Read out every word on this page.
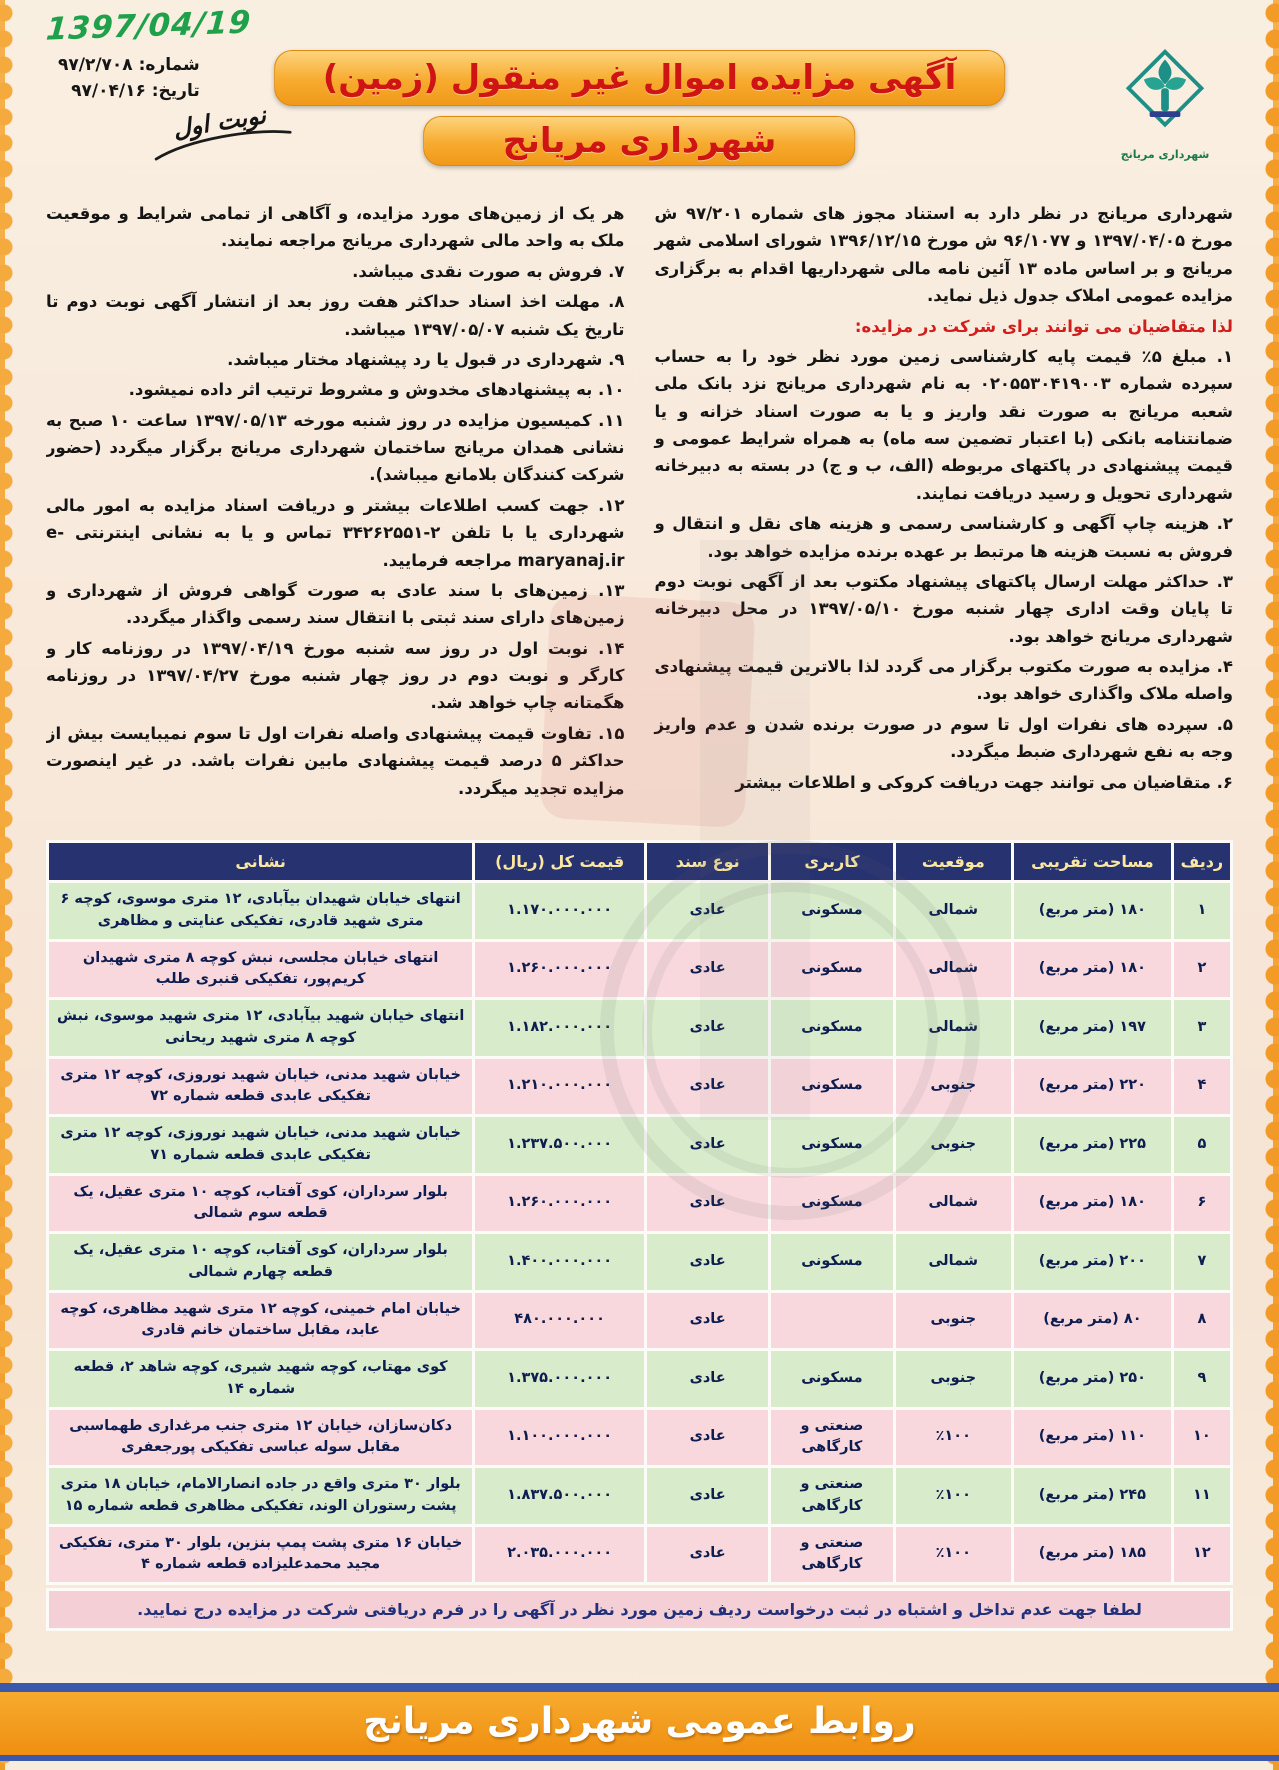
1397/04/19
شماره: ۹۷/۲/۷۰۸
تاریخ: ۹۷/۰۴/۱۶
نوبت اول
آگهی مزایده اموال غیر منقول (زمین)
شهرداری مریانج	شهرداری مریانج

شهرداری مریانج در نظر دارد به استناد مجوز های شماره ۹۷/۲۰۱ ش مورخ ۱۳۹۷/۰۴/۰۵ و ۹۶/۱۰۷۷ ش مورخ ۱۳۹۶/۱۲/۱۵ شورای اسلامی شهر مریانج و بر اساس ماده ۱۳ آئین نامه مالی شهرداریها اقدام به برگزاری مزایده عمومی املاک جدول ذیل نماید.

لذا متقاضیان می توانند برای شرکت در مزایده:

۱. مبلغ ۵٪ قیمت پایه کارشناسی زمین مورد نظر خود را به حساب سپرده شماره ۰۲۰۵۵۳۰۴۱۹۰۰۳ به نام شهرداری مریانج نزد بانک ملی شعبه مریانج به صورت نقد واریز و یا به صورت اسناد خزانه و یا ضمانتنامه بانکی (با اعتبار تضمین سه ماه) به همراه شرایط عمومی و قیمت پیشنهادی در پاکتهای مربوطه (الف، ب و ج) در بسته به دبیرخانه شهرداری تحویل و رسید دریافت نمایند.

۲. هزینه چاپ آگهی و کارشناسی رسمی و هزینه های نقل و انتقال و فروش به نسبت هزینه ها مرتبط بر عهده برنده مزایده خواهد بود.

۳. حداکثر مهلت ارسال پاکتهای پیشنهاد مکتوب بعد از آگهی نوبت دوم تا پایان وقت اداری چهار شنبه مورخ ۱۳۹۷/۰۵/۱۰ در محل دبیرخانه شهرداری مریانج خواهد بود.

۴. مزایده به صورت مکتوب برگزار می گردد لذا بالاترین قیمت پیشنهادی واصله ملاک واگذاری خواهد بود.

۵. سپرده های نفرات اول تا سوم در صورت برنده شدن و عدم واریز وجه به نفع شهرداری ضبط میگردد.

۶. متقاضیان می توانند جهت دریافت کروکی و اطلاعات بیشتر

هر یک از زمین‌های مورد مزایده، و آگاهی از تمامی شرایط و موقعیت ملک به واحد مالی شهرداری مریانج مراجعه نمایند.

۷. فروش به صورت نقدی میباشد.

۸. مهلت اخذ اسناد حداکثر هفت روز بعد از انتشار آگهی نوبت دوم تا تاریخ یک شنبه ۱۳۹۷/۰۵/۰۷ میباشد.

۹. شهرداری در قبول یا رد پیشنهاد مختار میباشد.

۱۰. به پیشنهادهای مخدوش و مشروط ترتیب اثر داده نمیشود.

۱۱. کمیسیون مزایده در روز شنبه مورخه ۱۳۹۷/۰۵/۱۳ ساعت ۱۰ صبح به نشانی همدان مریانج ساختمان شهرداری مریانج برگزار میگردد (حضور شرکت کنندگان بلامانع میباشد).

۱۲. جهت کسب اطلاعات بیشتر و دریافت اسناد مزایده به امور مالی شهرداری یا با تلفن ۲-۳۴۲۶۲۵۵۱ تماس و یا به نشانی اینترنتی e-maryanaj.ir مراجعه فرمایید.

۱۳. زمین‌های با سند عادی به صورت گواهی فروش از شهرداری و زمین‌های دارای سند ثبتی با انتقال سند رسمی واگذار میگردد.

۱۴. نوبت اول در روز سه شنبه مورخ ۱۳۹۷/۰۴/۱۹ در روزنامه کار و کارگر و نوبت دوم در روز چهار شنبه مورخ ۱۳۹۷/۰۴/۲۷ در روزنامه هگمتانه چاپ خواهد شد.

۱۵. تفاوت قیمت پیشنهادی واصله نفرات اول تا سوم نمیبایست بیش از حداکثر ۵ درصد قیمت پیشنهادی مابین نفرات باشد. در غیر اینصورت مزایده تجدید میگردد.

ردیف	مساحت تقریبی	موقعیت	کاربری	نوع سند	قیمت کل (ریال)	نشانی
۱	۱۸۰ (متر مربع)	شمالی	مسکونی	عادی	۱.۱۷۰.۰۰۰.۰۰۰	انتهای خیابان شهیدان بیآبادی، ۱۲ متری موسوی، کوچه ۶ متری شهید قادری، تفکیکی عنایتی و مظاهری
۲	۱۸۰ (متر مربع)	شمالی	مسکونی	عادی	۱.۲۶۰.۰۰۰.۰۰۰	انتهای خیابان مجلسی، نبش کوچه ۸ متری شهیدان کریم‌پور، تفکیکی قنبری طلب
۳	۱۹۷ (متر مربع)	شمالی	مسکونی	عادی	۱.۱۸۲.۰۰۰.۰۰۰	انتهای خیابان شهید بیآبادی، ۱۲ متری شهید موسوی، نبش کوچه ۸ متری شهید ریحانی
۴	۲۲۰ (متر مربع)	جنوبی	مسکونی	عادی	۱.۲۱۰.۰۰۰.۰۰۰	خیابان شهید مدنی، خیابان شهید نوروزی، کوچه ۱۲ متری تفکیکی عابدی قطعه شماره ۷۲
۵	۲۲۵ (متر مربع)	جنوبی	مسکونی	عادی	۱.۲۳۷.۵۰۰.۰۰۰	خیابان شهید مدنی، خیابان شهید نوروزی، کوچه ۱۲ متری تفکیکی عابدی قطعه شماره ۷۱
۶	۱۸۰ (متر مربع)	شمالی	مسکونی	عادی	۱.۲۶۰.۰۰۰.۰۰۰	بلوار سرداران، کوی آفتاب، کوچه ۱۰ متری عقیل، یک قطعه سوم شمالی
۷	۲۰۰ (متر مربع)	شمالی	مسکونی	عادی	۱.۴۰۰.۰۰۰.۰۰۰	بلوار سرداران، کوی آفتاب، کوچه ۱۰ متری عقیل، یک قطعه چهارم شمالی
۸	۸۰ (متر مربع)	جنوبی		عادی	۴۸۰.۰۰۰.۰۰۰	خیابان امام خمینی، کوچه ۱۲ متری شهید مظاهری، کوچه عابد، مقابل ساختمان خانم قادری
۹	۲۵۰ (متر مربع)	جنوبی	مسکونی	عادی	۱.۳۷۵.۰۰۰.۰۰۰	کوی مهتاب، کوچه شهید شیری، کوچه شاهد ۲، قطعه شماره ۱۴
۱۰	۱۱۰ (متر مربع)	٪۱۰۰	صنعتی و کارگاهی	عادی	۱.۱۰۰.۰۰۰.۰۰۰	دکان‌سازان، خیابان ۱۲ متری جنب مرغداری طهماسبی مقابل سوله عباسی تفکیکی پورجعفری
۱۱	۲۴۵ (متر مربع)	٪۱۰۰	صنعتی و کارگاهی	عادی	۱.۸۳۷.۵۰۰.۰۰۰	بلوار ۳۰ متری واقع در جاده انصارالامام، خیابان ۱۸ متری پشت رستوران الوند، تفکیکی مظاهری قطعه شماره ۱۵
۱۲	۱۸۵ (متر مربع)	٪۱۰۰	صنعتی و کارگاهی	عادی	۲.۰۳۵.۰۰۰.۰۰۰	خیابان ۱۶ متری پشت پمپ بنزین، بلوار ۳۰ متری، تفکیکی مجید محمدعلیزاده قطعه شماره ۴
لطفا جهت عدم تداخل و اشتباه در ثبت درخواست ردیف زمین مورد نظر در آگهی را در فرم دریافتی شرکت در مزایده درج نمایید.
روابط عمومی شهرداری مریانج
